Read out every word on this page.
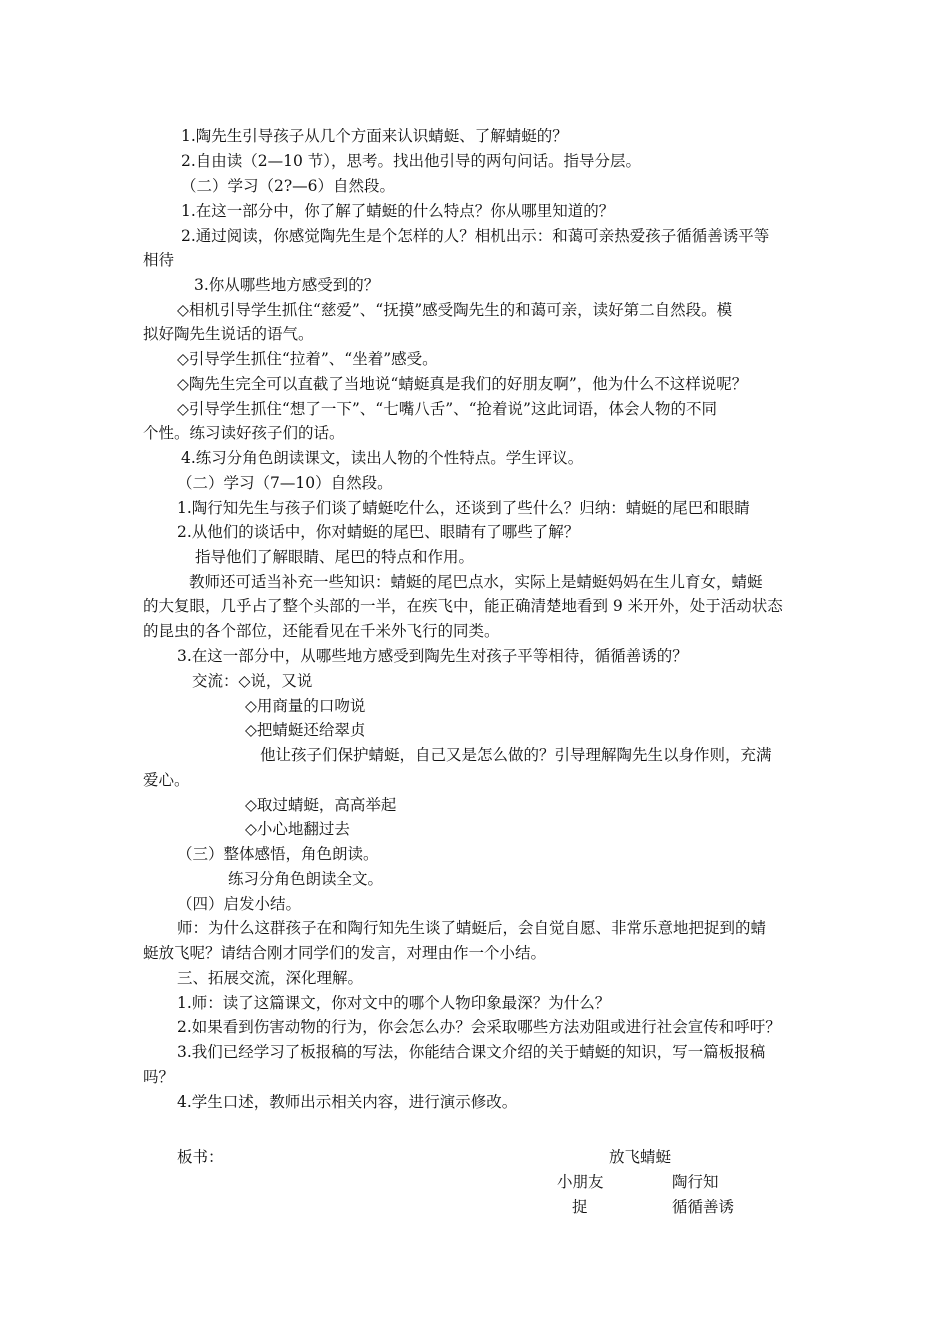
1.陶先生引导孩子从几个方面来认识蜻蜓、了解蜻蜓的？
2.自由读（2—10 节），思考。找出他引导的两句问话。指导分层。
（二）学习（2?—6）自然段。
1.在这一部分中，你了解了蜻蜓的什么特点？你从哪里知道的？
2.通过阅读，你感觉陶先生是个怎样的人？相机出示：和蔼可亲热爱孩子循循善诱平等
相待
3.你从哪些地方感受到的？
◇相机引导学生抓住“慈爱”、“抚摸”感受陶先生的和蔼可亲，读好第二自然段。模
拟好陶先生说话的语气。
◇引导学生抓住“拉着”、“坐着”感受。
◇陶先生完全可以直截了当地说“蜻蜓真是我们的好朋友啊”，他为什么不这样说呢？
◇引导学生抓住“想了一下”、“七嘴八舌”、“抢着说”这此词语，体会人物的不同
个性。练习读好孩子们的话。
4.练习分角色朗读课文，读出人物的个性特点。学生评议。
（二）学习（7—10）自然段。
1.陶行知先生与孩子们谈了蜻蜓吃什么，还谈到了些什么？归纳：蜻蜓的尾巴和眼睛
2.从他们的谈话中，你对蜻蜓的尾巴、眼睛有了哪些了解？
指导他们了解眼睛、尾巴的特点和作用。
教师还可适当补充一些知识：蜻蜓的尾巴点水，实际上是蜻蜓妈妈在生儿育女，蜻蜓
的大复眼，几乎占了整个头部的一半，在疾飞中，能正确清楚地看到 9 米开外，处于活动状态
的昆虫的各个部位，还能看见在千米外飞行的同类。
3.在这一部分中，从哪些地方感受到陶先生对孩子平等相待，循循善诱的？
交流：◇说，又说
◇用商量的口吻说
◇把蜻蜓还给翠贞
他让孩子们保护蜻蜓，自己又是怎么做的？引导理解陶先生以身作则，充满
爱心。
◇取过蜻蜓，高高举起
◇小心地翻过去
（三）整体感悟，角色朗读。
练习分角色朗读全文。
（四）启发小结。
师：为什么这群孩子在和陶行知先生谈了蜻蜓后，会自觉自愿、非常乐意地把捉到的蜻
蜓放飞呢？请结合刚才同学们的发言，对理由作一个小结。
三、拓展交流，深化理解。
1.师：读了这篇课文，你对文中的哪个人物印象最深？为什么？
2.如果看到伤害动物的行为，你会怎么办？会采取哪些方法劝阻或进行社会宣传和呼吁？
3.我们已经学习了板报稿的写法，你能结合课文介绍的关于蜻蜓的知识，写一篇板报稿
吗？
4.学生口述，教师出示相关内容，进行演示修改。
板书：	放飞蜻蜓
小朋友	陶行知
捉	循循善诱
